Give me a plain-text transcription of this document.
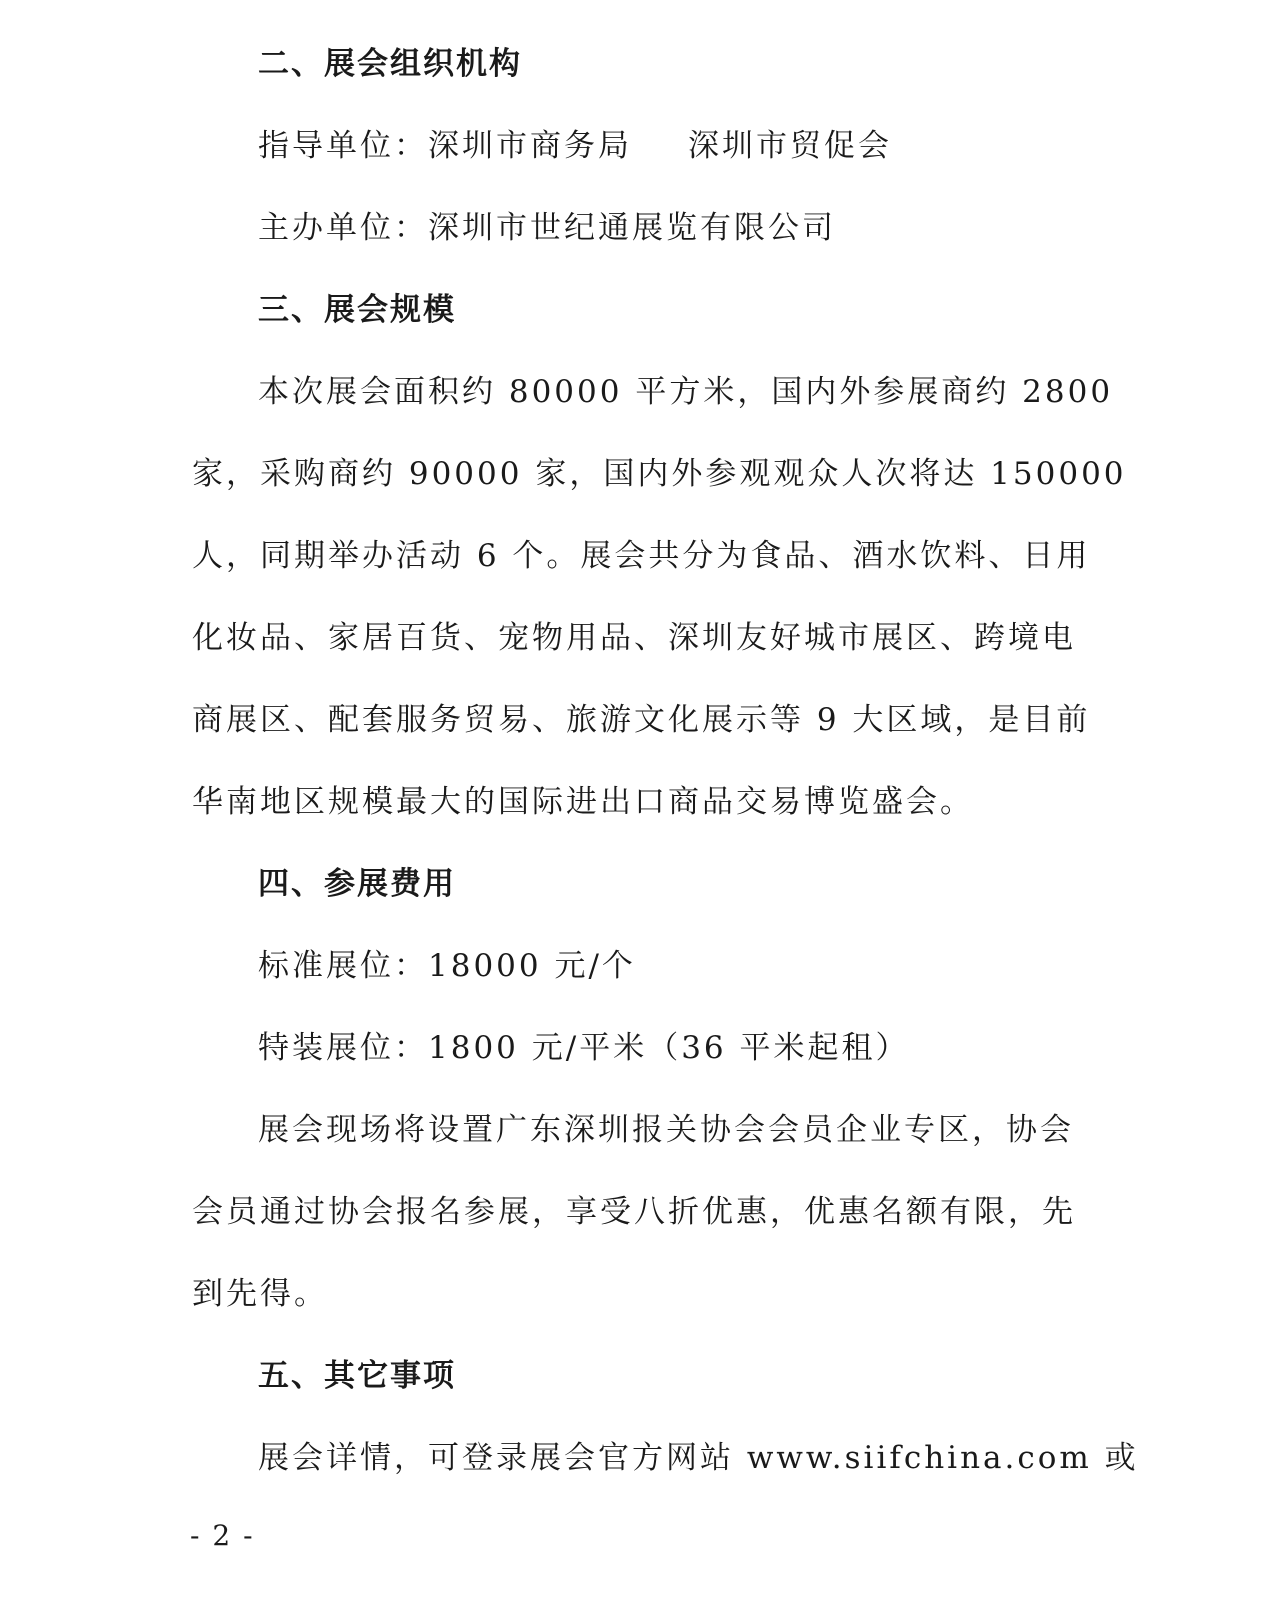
二、展会组织机构
指导单位：深圳市商务局 深圳市贸促会
主办单位：深圳市世纪通展览有限公司
三、展会规模
本次展会面积约 80000 平方米，国内外参展商约 2800
家，采购商约 90000 家，国内外参观观众人次将达 150000
人，同期举办活动 6 个。展会共分为食品、酒水饮料、日用
化妆品、家居百货、宠物用品、深圳友好城市展区、跨境电
商展区、配套服务贸易、旅游文化展示等 9 大区域，是目前
华南地区规模最大的国际进出口商品交易博览盛会。
四、参展费用
标准展位：18000 元/个
特装展位：1800 元/平米（36 平米起租）
展会现场将设置广东深圳报关协会会员企业专区，协会
会员通过协会报名参展，享受八折优惠，优惠名额有限，先
到先得。
五、其它事项
展会详情，可登录展会官方网站 www.siifchina.com 或
- 2 -
